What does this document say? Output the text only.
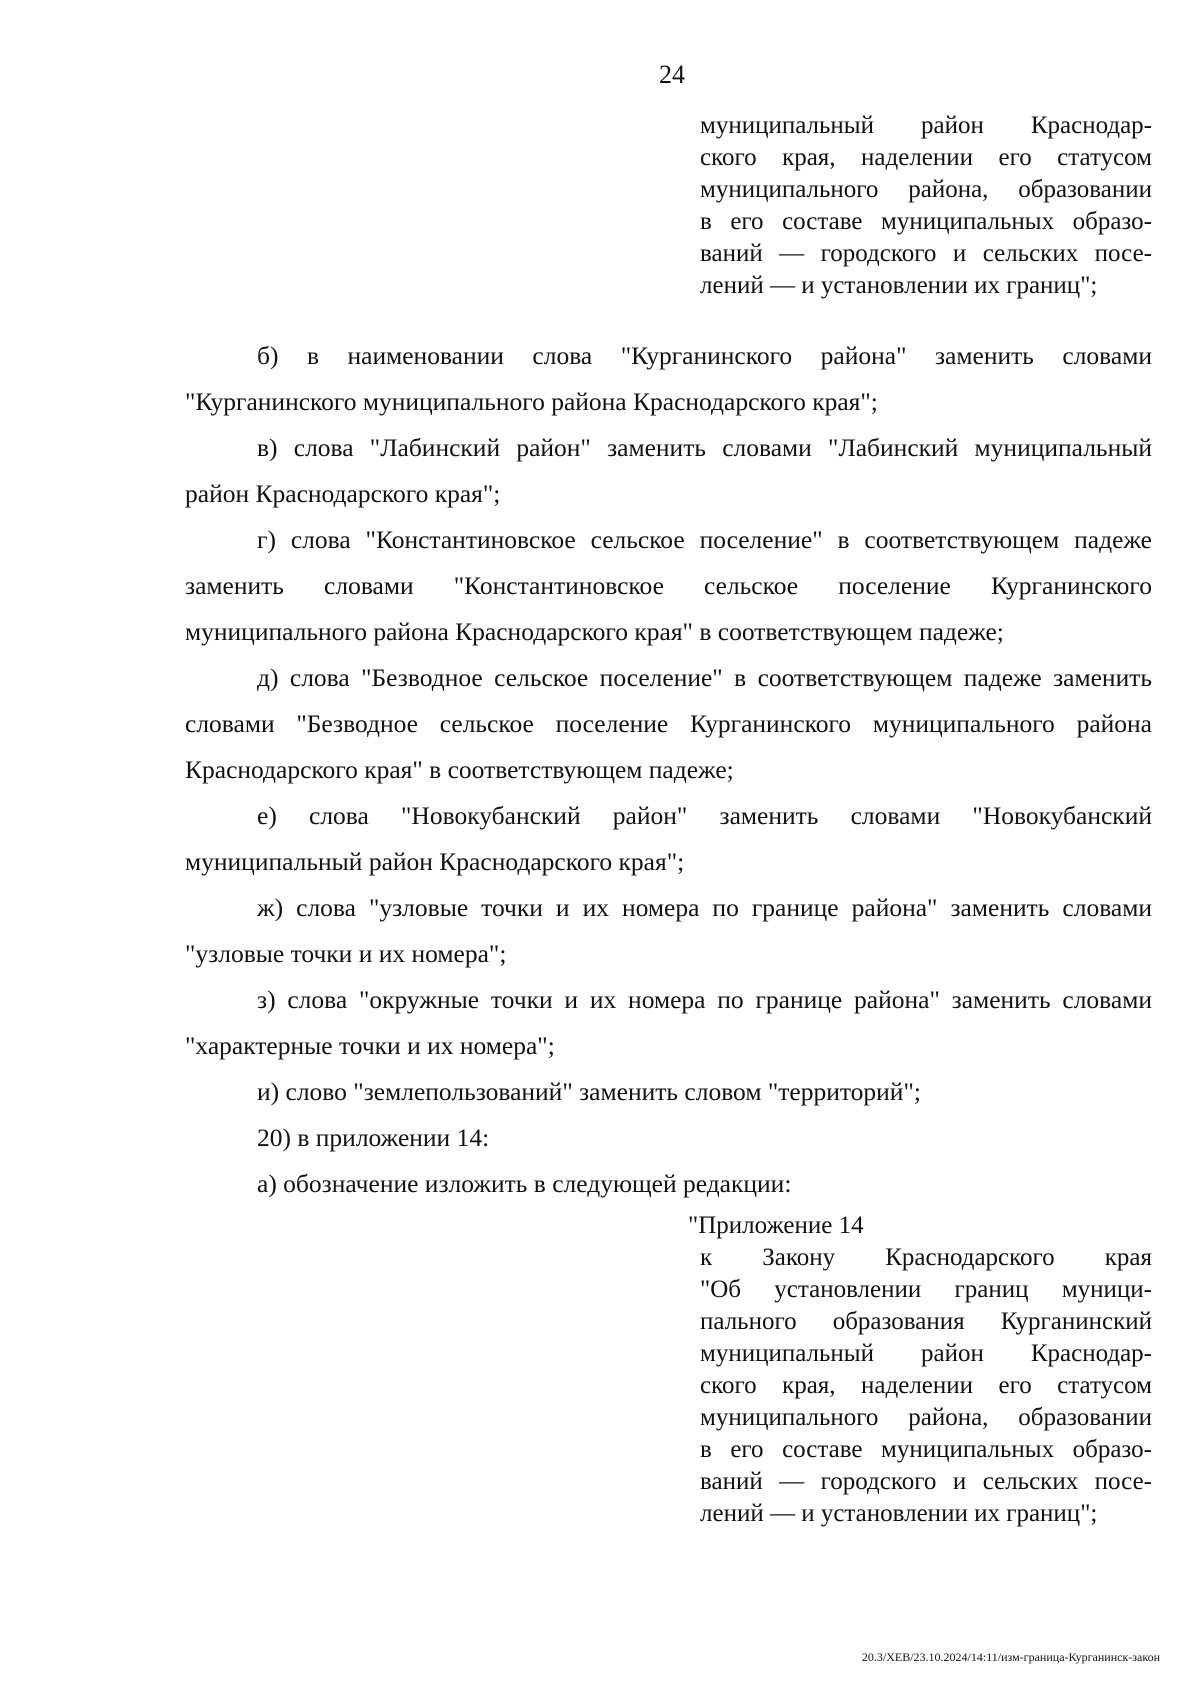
24
муниципальный район Краснодар-
ского края, наделении его статусом
муниципального района, образовании
в его составе муниципальных образо-
ваний — городского и сельских посе-
лений — и установлении их границ";

б) в наименовании слова "Курганинского района" заменить словами "Курганинского муниципального района Краснодарского края";

в) слова "Лабинский район" заменить словами "Лабинский муниципальный район Краснодарского края";

г) слова "Константиновское сельское поселение" в соответствующем падеже заменить словами "Константиновское сельское поселение Курганинского муниципального района Краснодарского края" в соответствующем падеже;

д) слова "Безводное сельское поселение" в соответствующем падеже заменить словами "Безводное сельское поселение Курганинского муниципального района Краснодарского края" в соответствующем падеже;

е) слова "Новокубанский район" заменить словами "Новокубанский муниципальный район Краснодарского края";

ж) слова "узловые точки и их номера по границе района" заменить словами "узловые точки и их номера";

з) слова "окружные точки и их номера по границе района" заменить словами "характерные точки и их номера";

и) слово "землепользований" заменить словом "территорий";

20) в приложении 14:

а) обозначение изложить в следующей редакции:

"Приложение 14
к Закону Краснодарского края
"Об установлении границ муници-
пального образования Курганинский
муниципальный район Краснодар-
ского края, наделении его статусом
муниципального района, образовании
в его составе муниципальных образо-
ваний — городского и сельских посе-
лений — и установлении их границ";
20.3/ХЕВ/23.10.2024/14:11/изм-граница-Курганинск-закон
